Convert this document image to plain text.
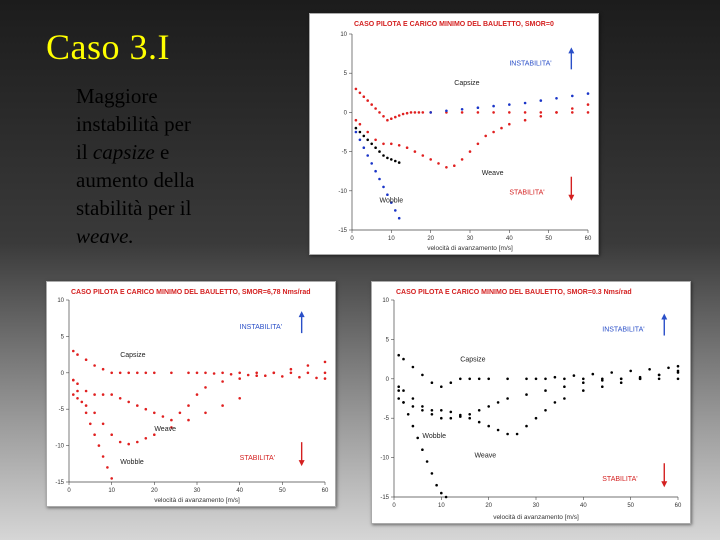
Caso 3.I
Maggiore
instabilità per
il capsize e
aumento della
stabilità per il
weave.
CASO PILOTA E CARICO MINIMO DEL BAULETTO, SMOR=0
10
5
0
-5
-10
-15
0	10	20	30	40	50	60
velocità di avanzamento [m/s]
Capsize
Weave
Wobble
INSTABILITA'
STABILITA'
CASO PILOTA E CARICO MINIMO DEL BAULETTO, SMOR=6,78 Nms/rad
10
5
0
-5
-10
-15
0	10	20	30	40	50	60
velocità di avanzamento [m/s]
Capsize
Weave
Wobble
INSTABILITA'
STABILITA'
CASO PILOTA E CARICO MINIMO DEL BAULETTO, SMOR=0.3 Nms/rad
10
5
0
-5
-10
-15
0	10	20	30	40	50	60
velocità di avanzamento [m/s]
Capsize
Weave
Wobble
INSTABILITA'
STABILITA'
